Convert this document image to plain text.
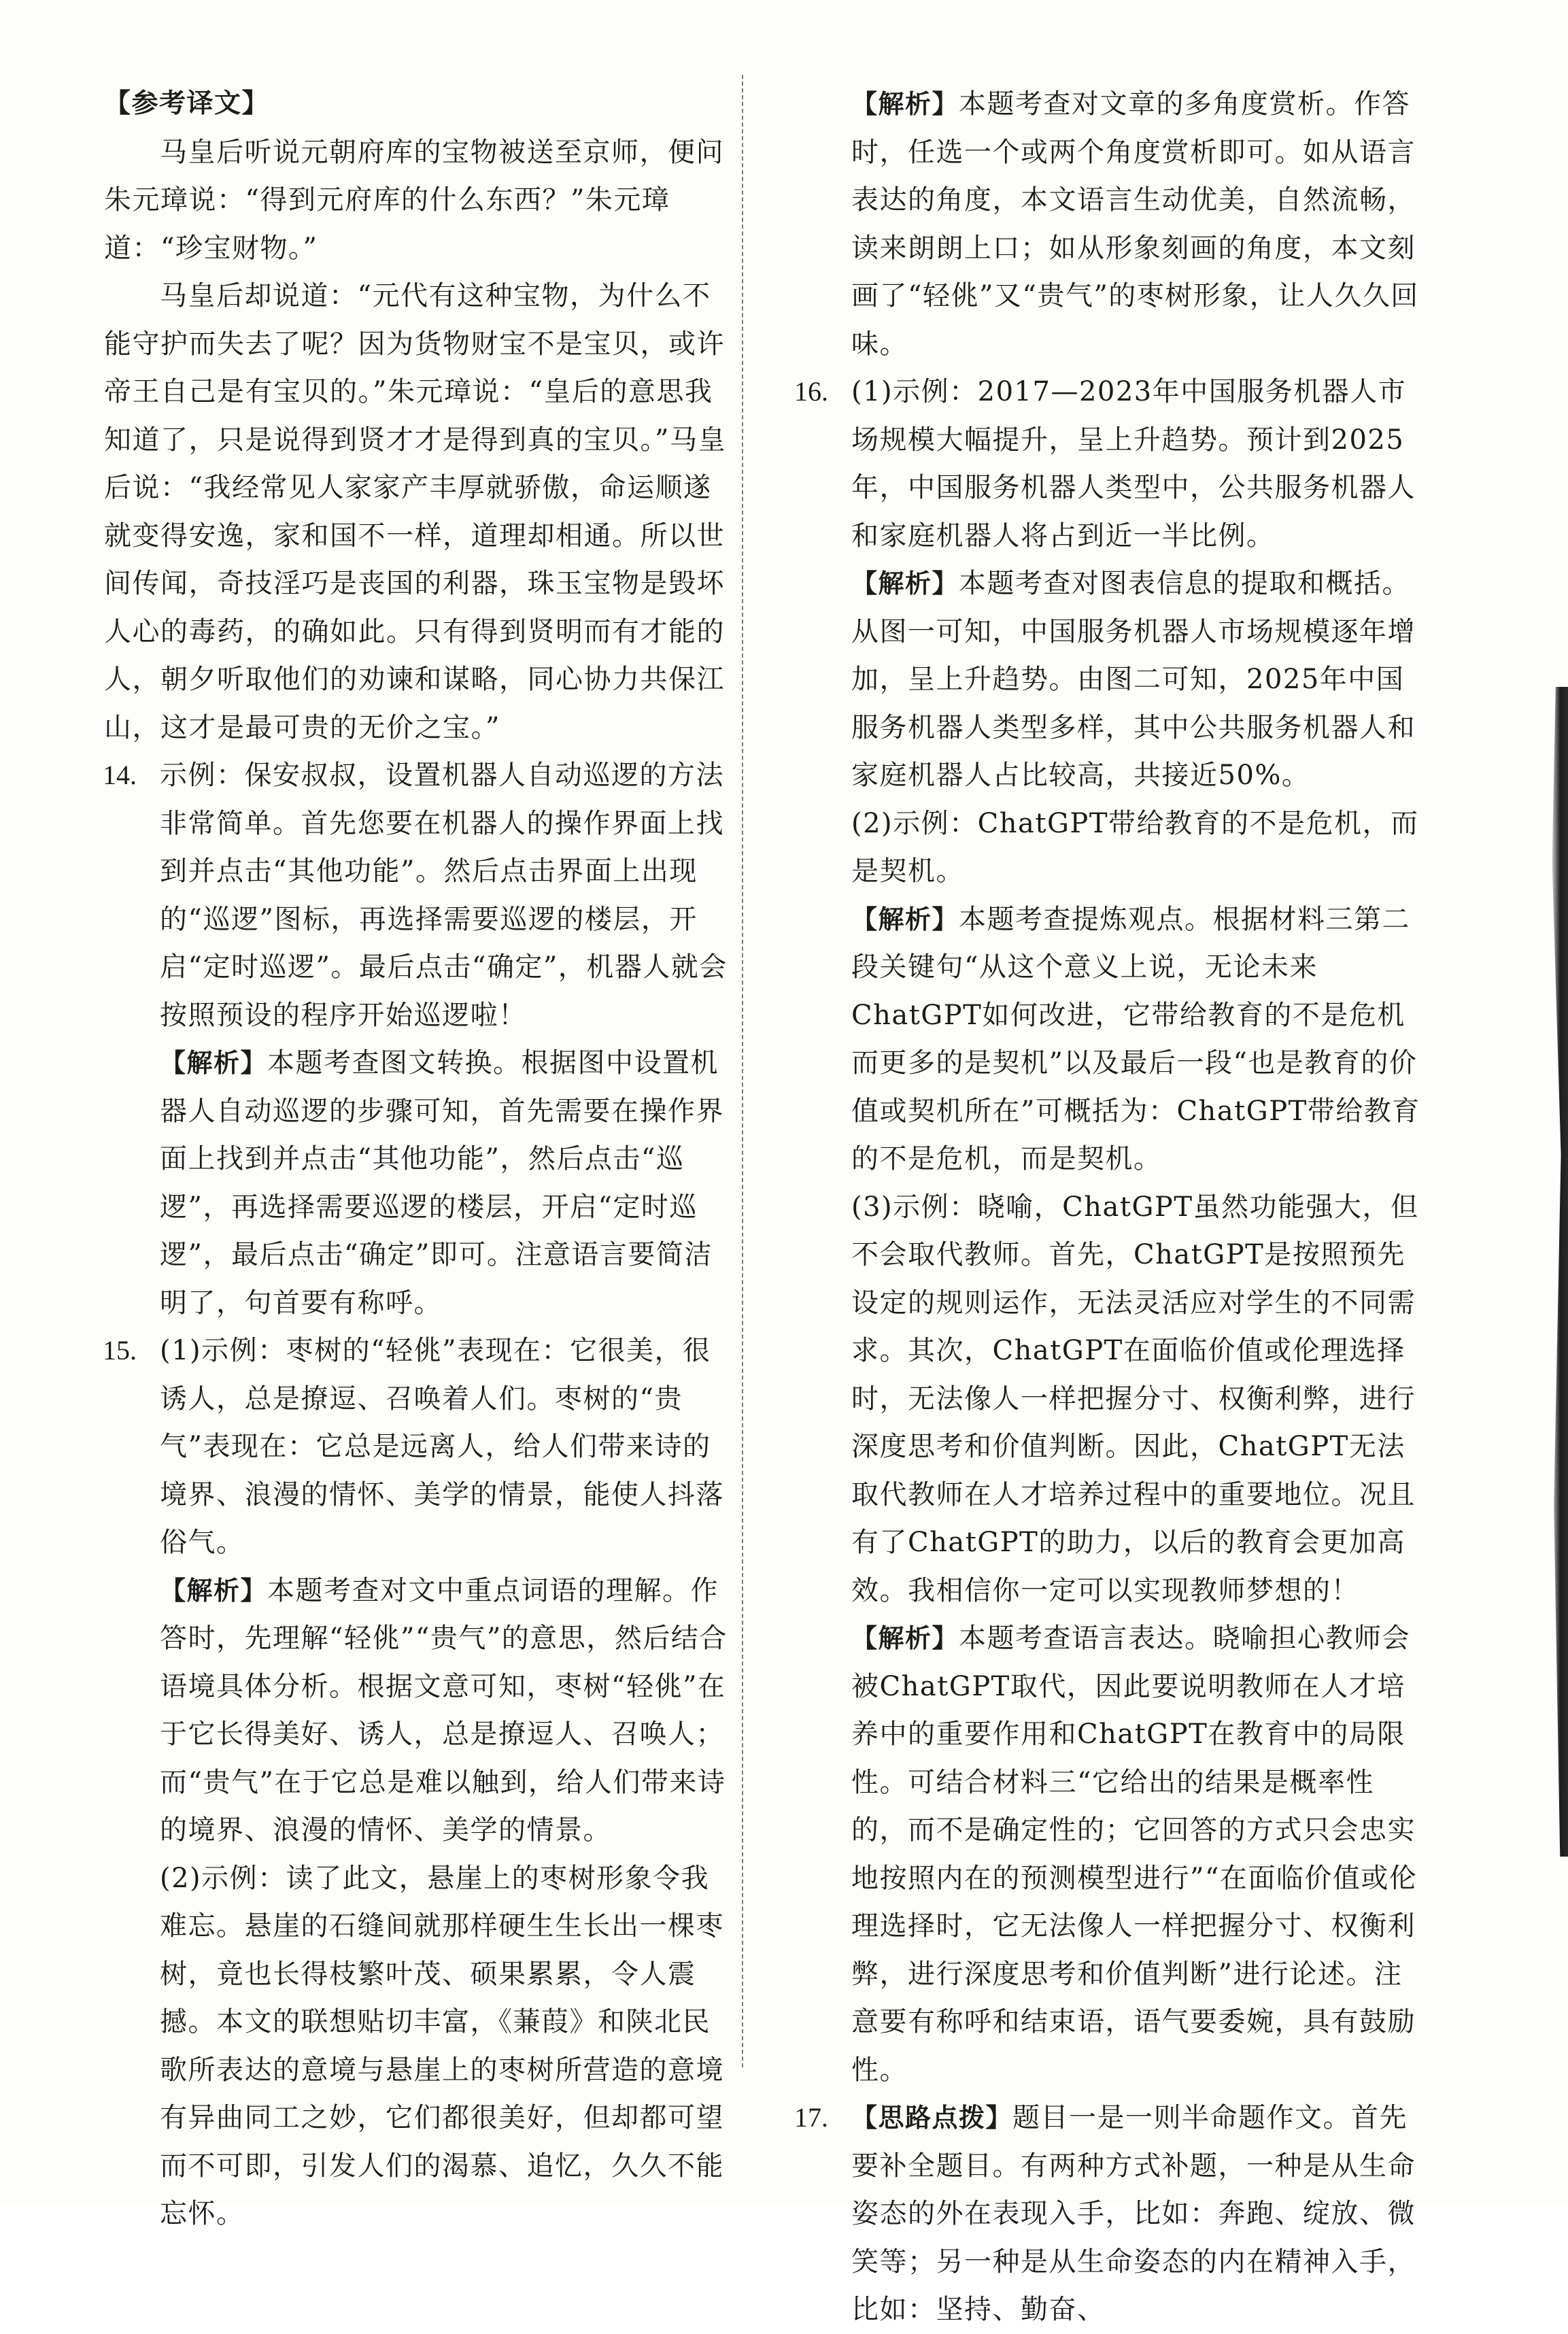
【参考译文】

马皇后听说元朝府库的宝物被送至京师，便问朱元璋说：“得到元府库的什么东西？”朱元璋道：“珍宝财物。”

马皇后却说道：“元代有这种宝物，为什么不能守护而失去了呢？因为货物财宝不是宝贝，或许帝王自己是有宝贝的。”朱元璋说：“皇后的意思我知道了，只是说得到贤才才是得到真的宝贝。”马皇后说：“我经常见人家家产丰厚就骄傲，命运顺遂就变得安逸，家和国不一样，道理却相通。所以世间传闻，奇技淫巧是丧国的利器，珠玉宝物是毁坏人心的毒药，的确如此。只有得到贤明而有才能的人，朝夕听取他们的劝谏和谋略，同心协力共保江山，这才是最可贵的无价之宝。”

14. 示例：保安叔叔，设置机器人自动巡逻的方法非常简单。首先您要在机器人的操作界面上找到并点击“其他功能”。然后点击界面上出现的“巡逻”图标，再选择需要巡逻的楼层，开启“定时巡逻”。最后点击“确定”，机器人就会按照预设的程序开始巡逻啦！

【解析】本题考查图文转换。根据图中设置机器人自动巡逻的步骤可知，首先需要在操作界面上找到并点击“其他功能”，然后点击“巡逻”，再选择需要巡逻的楼层，开启“定时巡逻”，最后点击“确定”即可。注意语言要简洁明了，句首要有称呼。

15. (1)示例：枣树的“轻佻”表现在：它很美，很诱人，总是撩逗、召唤着人们。枣树的“贵气”表现在：它总是远离人，给人们带来诗的境界、浪漫的情怀、美学的情景，能使人抖落俗气。

【解析】本题考查对文中重点词语的理解。作答时，先理解“轻佻”“贵气”的意思，然后结合语境具体分析。根据文意可知，枣树“轻佻”在于它长得美好、诱人，总是撩逗人、召唤人；而“贵气”在于它总是难以触到，给人们带来诗的境界、浪漫的情怀、美学的情景。

(2)示例：读了此文，悬崖上的枣树形象令我难忘。悬崖的石缝间就那样硬生生长出一棵枣树，竟也长得枝繁叶茂、硕果累累，令人震撼。本文的联想贴切丰富，《蒹葭》和陕北民歌所表达的意境与悬崖上的枣树所营造的意境有异曲同工之妙，它们都很美好，但却都可望而不可即，引发人们的渴慕、追忆，久久不能忘怀。

【解析】本题考查对文章的多角度赏析。作答时，任选一个或两个角度赏析即可。如从语言表达的角度，本文语言生动优美，自然流畅，读来朗朗上口；如从形象刻画的角度，本文刻画了“轻佻”又“贵气”的枣树形象，让人久久回味。

16. (1)示例：2017—2023年中国服务机器人市场规模大幅提升，呈上升趋势。预计到2025年，中国服务机器人类型中，公共服务机器人和家庭机器人将占到近一半比例。

【解析】本题考查对图表信息的提取和概括。从图一可知，中国服务机器人市场规模逐年增加，呈上升趋势。由图二可知，2025年中国服务机器人类型多样，其中公共服务机器人和家庭机器人占比较高，共接近50%。

(2)示例：ChatGPT带给教育的不是危机，而是契机。

【解析】本题考查提炼观点。根据材料三第二段关键句“从这个意义上说，无论未来ChatGPT如何改进，它带给教育的不是危机而更多的是契机”以及最后一段“也是教育的价值或契机所在”可概括为：ChatGPT带给教育的不是危机，而是契机。

(3)示例：晓喻，ChatGPT虽然功能强大，但不会取代教师。首先，ChatGPT是按照预先设定的规则运作，无法灵活应对学生的不同需求。其次，ChatGPT在面临价值或伦理选择时，无法像人一样把握分寸、权衡利弊，进行深度思考和价值判断。因此，ChatGPT无法取代教师在人才培养过程中的重要地位。况且有了ChatGPT的助力，以后的教育会更加高效。我相信你一定可以实现教师梦想的！

【解析】本题考查语言表达。晓喻担心教师会被ChatGPT取代，因此要说明教师在人才培养中的重要作用和ChatGPT在教育中的局限性。可结合材料三“它给出的结果是概率性的，而不是确定性的；它回答的方式只会忠实地按照内在的预测模型进行”“在面临价值或伦理选择时，它无法像人一样把握分寸、权衡利弊，进行深度思考和价值判断”进行论述。注意要有称呼和结束语，语气要委婉，具有鼓励性。

17. 【思路点拨】题目一是一则半命题作文。首先要补全题目。有两种方式补题，一种是从生命姿态的外在表现入手，比如：奔跑、绽放、微笑等；另一种是从生命姿态的内在精神入手，比如：坚持、勤奋、
